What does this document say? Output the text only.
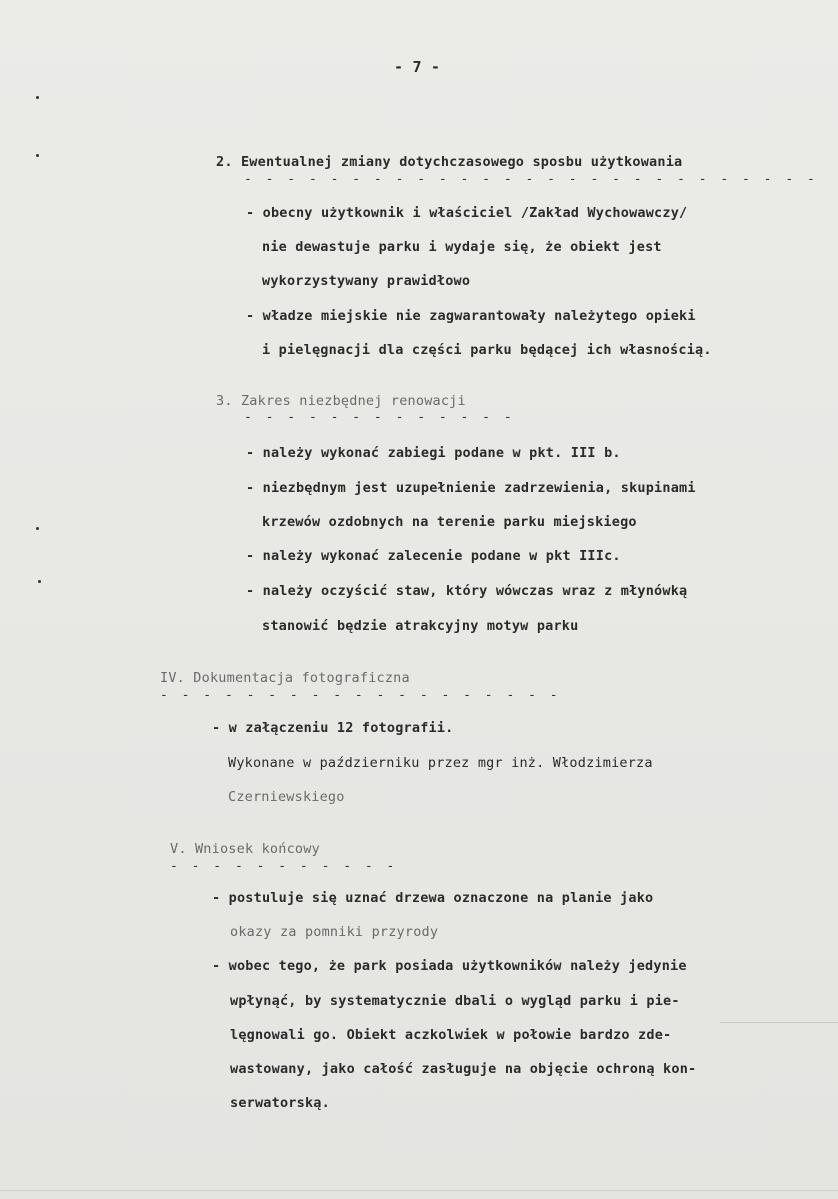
- 7 -
2. Ewentualnej zmiany dotychczasowego sposbu użytkowania
- - - - - - - - - - - - - - - - - - - - - - - - - - -
- obecny użytkownik i właściciel /Zakład Wychowawczy/
nie dewastuje parku i wydaje się, że obiekt jest
wykorzystywany prawidłowo
- władze miejskie nie zagwarantowały należytego opieki
i pielęgnacji dla części parku będącej ich własnością.
3. Zakres niezbędnej renowacji
- - - - - - - - - - - - -
- należy wykonać zabiegi podane w pkt. III b.
- niezbędnym jest uzupełnienie zadrzewienia, skupinami
krzewów ozdobnych na terenie parku miejskiego
- należy wykonać zalecenie podane w pkt IIIc.
- należy oczyścić staw, który wówczas wraz z młynówką
stanowić będzie atrakcyjny motyw parku
IV. Dokumentacja fotograficzna
- - - - - - - - - - - - - - - - - - -
- w załączeniu 12 fotografii.
Wykonane w październiku przez mgr inż. Włodzimierza
Czerniewskiego
V. Wniosek końcowy
- - - - - - - - - - -
- postuluje się uznać drzewa oznaczone na planie jako
okazy za pomniki przyrody
- wobec tego, że park posiada użytkowników należy jedynie
wpłynąć, by systematycznie dbali o wygląd parku i pie-
lęgnowali go. Obiekt aczkolwiek w połowie bardzo zde-
wastowany, jako całość zasługuje na objęcie ochroną kon-
serwatorską.
